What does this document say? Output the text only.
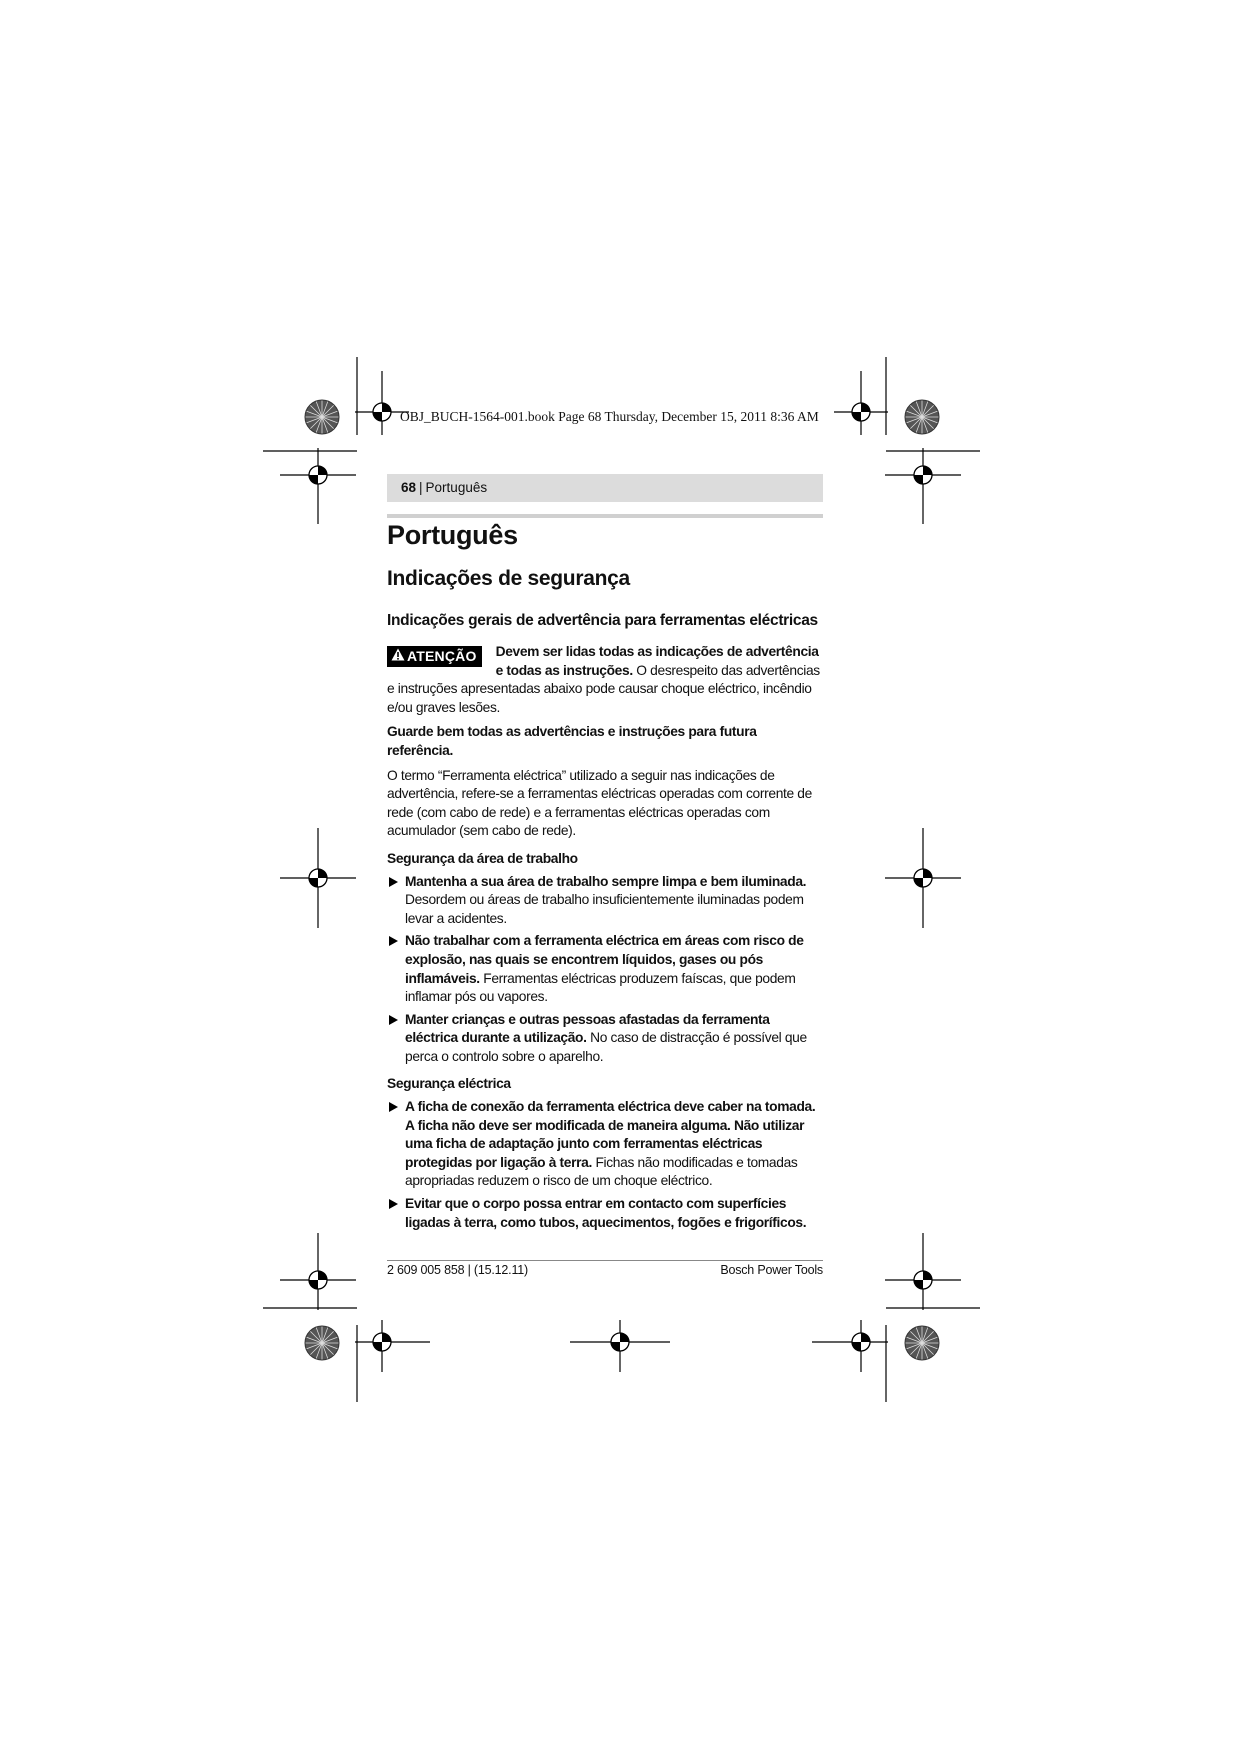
OBJ_BUCH-1564-001.book Page 68 Thursday, December 15, 2011 8:36 AM
68 | Português
Português
Indicações de segurança
Indicações gerais de advertência para ferramentas eléctricas

ATENÇÃO	Devem ser lidas todas as indicações de advertência e todas as instruções. O desrespeito das advertências e instruções apresentadas abaixo pode causar choque eléctrico, incêndio e/ou graves lesões.

Guarde bem todas as advertências e instruções para futura referência.

O termo “Ferramenta eléctrica” utilizado a seguir nas indicações de advertência, refere-se a ferramentas eléctricas operadas com corrente de rede (com cabo de rede) e a ferramentas eléctricas operadas com acumulador (sem cabo de rede).

Segurança da área de trabalho
Mantenha a sua área de trabalho sempre limpa e bem iluminada. Desordem ou áreas de trabalho insuficientemente iluminadas podem levar a acidentes.
Não trabalhar com a ferramenta eléctrica em áreas com risco de explosão, nas quais se encontrem líquidos, gases ou pós inflamáveis. Ferramentas eléctricas produzem faíscas, que podem inflamar pós ou vapores.
Manter crianças e outras pessoas afastadas da ferramenta eléctrica durante a utilização. No caso de distracção é possível que perca o controlo sobre o aparelho.
Segurança eléctrica
A ficha de conexão da ferramenta eléctrica deve caber na tomada. A ficha não deve ser modificada de maneira alguma. Não utilizar uma ficha de adaptação junto com ferramentas eléctricas protegidas por ligação à terra. Fichas não modificadas e tomadas apropriadas reduzem o risco de um choque eléctrico.
Evitar que o corpo possa entrar em contacto com superfícies ligadas à terra, como tubos, aquecimentos, fogões e frigoríficos.
2 609 005 858 | (15.12.11)	Bosch Power Tools
